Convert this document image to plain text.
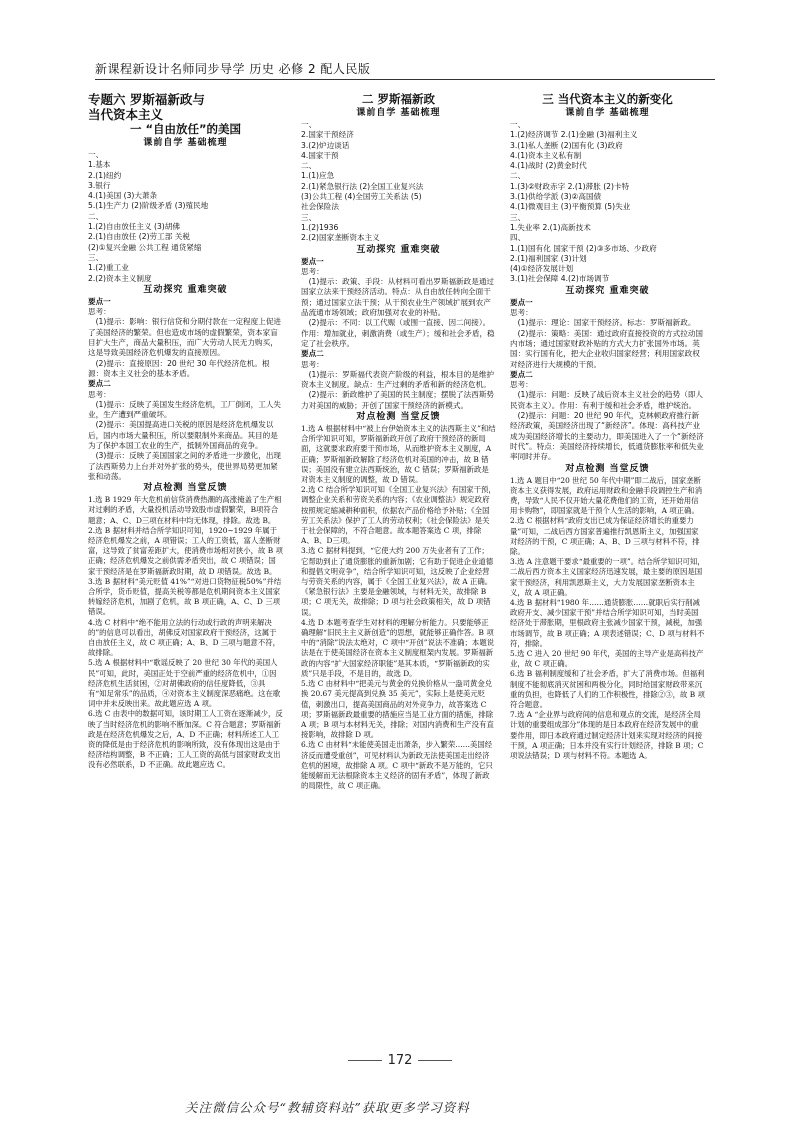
新课程新设计名师同步导学 历史 必修 2 配人民版

专题六 罗斯福新政与

当代资本主义

一 “自由放任”的美国

课前自学 基础梳理

一、

1.基本

2.(1)纽约

3.银行

4.(1)美国 (3)大萧条

5.(1)生产力 (2)阶级矛盾 (3)殖民地

二、

1.(2)自由放任主义 (3)胡佛

2.(1)自由放任 (2)劳工部 关税

(2)①复兴金融 公共工程 通货紧缩

三、

1.(2)重工业

2.(2)资本主义制度

互动探究 重难突破

要点一

思考：

(1)提示：影响：银行信贷和分期付款在一定程度上促进了美国经济的繁荣。但也造成市场的虚假繁荣，资本家盲目扩大生产，商品大量积压，而广大劳动人民无力购买，这是导致美国经济危机爆发的直接原因。

(2)提示：直接原因：20 世纪 30 年代经济危机。根源：资本主义社会的基本矛盾。

要点二

思考：

(1)提示：反映了美国发生经济危机，工厂倒闭，工人失业，生产遭到严重破坏。

(2)提示：美国提高进口关税的原因是经济危机爆发以后，国内市场大量积压，所以要限制外来商品。其目的是为了保护本国工农业的生产，抵制外国商品的竞争。

(3)提示：反映了美国国家之间的矛盾进一步激化，出现了法西斯势力上台并对外扩张的势头，使世界局势更加紧张和动荡。

对点检测 当堂反馈

1.选 B 1929 年大危机前信贷消费热潮的高涨掩盖了生产相对过剩的矛盾，大量投机活动导致股市虚假繁荣，B项符合题意；A、C、D三项在材料中均无体现，排除。故选 B。

2.选 B 据材料并结合所学知识可知，1920~1929 年属于经济危机爆发之前，A 项错误；工人的工资低，富人垄断财富，这导致了贫富差距扩大，使消费市场相对狭小，故 B 项正确；经济危机爆发之前供需矛盾突出，故 C 项错误；国家干预经济是在罗斯福新政时期，故 D 项错误。故选 B。

3.选 B 据材料“美元贬值 41%”“对进口货物征税50%”并结合所学，货币贬值，提高关税等都是危机期间资本主义国家转嫁经济危机，加剧了危机，故 B 项正确，A、C、D 三项错误。

4.选 C 材料中“绝不能用立法的行动或行政的声明来解决的”的信息可以看出，胡佛反对国家政府干预经济，这属于自由放任主义，故 C 项正确；A、B、D 三项与题意不符，故排除。

5.选 A 根据材料中“歌谣反映了 20 世纪 30 年代的美国人民”可知，此时，美国正处于空前严重的经济危机中，①因经济危机生活贫困，②对胡佛政府的信任度降低，③具有“知足常乐”的品质，④对资本主义制度深恶痛绝。这在歌词中并未反映出来。故此题应选 A 项。

6.选 C 由表中的数据可知，该时期工人工资在逐渐减少，反映了当时经济危机的影响不断加深。C 符合题意；罗斯福新政是在经济危机爆发之后，A、D 不正确；材料所述工人工资的降低是由于经济危机的影响所致，没有体现出这是由于经济结构调整，B 不正确；工人工资的高低与国家财政支出没有必然联系，D 不正确。故此题应选 C。

二 罗斯福新政

课前自学 基础梳理

一、

2.国家干预经济

3.(2)炉边谈话

4.国家干预

二、

1.(1)应急

2.(1)紧急银行法 (2)全国工业复兴法

(3)公共工程 (4)全国劳工关系法 (5)

社会保险法

三、

1.(2)1936

2.(2)国家垄断资本主义

互动探究 重难突破

要点一

思考：

(1)提示：政策、手段：从材料可看出罗斯福新政是通过国家立法来干预经济活动。特点：从自由放任转向全面干预；通过国家立法干预；从干预农业生产领域扩展到农产品流通市场领域；政府加强对农业的补贴。

(2)提示：不同：以工代赈（或围一直接、因二间接）。作用：增加就业，刺激消费（或生产）；缓和社会矛盾，稳定了社会秩序。

要点二

思考：

(1)提示：罗斯福代表资产阶级的利益，根本目的是维护资本主义制度。缺点：生产过剩的矛盾和新的经济危机。

(2)提示：新政维护了美国的民主制度；摆脱了法西斯势力对美国的威胁；开创了国家干预经济的新模式。

对点检测 当堂反馈

1.选 A 根据材料中“被上台伊始资本主义的法西斯主义”和结合所学知识可知，罗斯福新政开创了政府干预经济的新局面，这就要求政府要干预市场，从而维护资本主义制度，A 正确；罗斯福新政解除了经济危机对美国的冲击，故 B 错误；美国没有建立法西斯统治，故 C 错误；罗斯福新政是对资本主义制度的调整，故 D 错误。

2.选 C 结合所学知识可知《全国工业复兴法》有国家干预，调整企业关系和劳资关系的内容；《农业调整法》规定政府按照规定缩减耕种面积，依据农产品价格给予补贴；《全国劳工关系法》保护了工人的劳动权利；《社会保险法》是关于社会保障的，不符合题意。故本题答案选 C 项，排除 A、B、D三项。

3.选 C 据材料提到，“它使大约 200 万失业者有了工作；它帮助到止了通货膨胀的重新加剧；它有助于促进企业道德和提倡文明竞争”，结合所学知识可知，这反映了企业经营与劳资关系的内容，属于《全国工业复兴法》，故 A 正确。《紧急银行法》主要是金融领域，与材料无关，故排除 B 项；C 项无关，故排除；D 项与社会政策相关，故 D 项错误。

4.选 D 本题考查学生对材料的理解分析能力。只要能够正确理解“旧民主主义新创造”的思想，就能够正确作答。B 项中的“消除”说法太绝对，C 项中“开创”说法不准确；本题说法是在于使美国经济在资本主义制度框架内发展。罗斯福新政的内容“扩大国家经济职能”是其本质，“罗斯福新政的实质”只是手段，不是目的，故选 D。

5.选 C 由材料中“把美元与黄金的兑换价格从一盎司黄金兑换 20.67 美元提高到兑换 35 美元”，实际上是使美元贬值，刺激出口，提高美国商品的对外竞争力，故答案选 C 项；罗斯福新政最重要的措施应当是工业方面的措施，排除 A 项；B 项与本材料无关，排除；对国内消费和生产没有直接影响，故排除 D 项。

6.选 C 由材料“未能使美国走出萧条，步入繁荣……美国经济反而遭受重创”，可见材料认为新政无法使美国走出经济危机的困境，故排除 A 项。C 项中“新政不是万能的，它只能缓解而无法根除资本主义经济的固有矛盾”，体现了新政的局限性，故 C 项正确。

三 当代资本主义的新变化

课前自学 基础梳理

一、

1.(2)经济调节 2.(1)金融 (3)福利主义

3.(1)私人垄断 (2)国有化 (3)政府

4.(1)资本主义私有制

4.(1)战时 (2)黄金时代

二、

1.(3)②财政赤字 2.(1)滞胀 (2)卡特

3.(1)供给学派 (3)②高国债

4.(1)微观目主 (3)平衡预算 (5)失业

三、

1.失业率 2.(1)高新技术

四、

1.(1)国有化 国家干预 (2)③多市场、少政府

2.(1)福利国家 (3)计划

(4)①经济发展计划

3.(1)社会保障 4.(2)市场调节

互动探究 重难突破

要点一

思考：

(1)提示：理论：国家干预经济。标志：罗斯福新政。

(2)提示：策略：美国：通过政府直接投资的方式拉动国内市场；通过国家财政补贴的方式大力扩张国外市场。英国：实行国有化，把大企业收归国家经营；利用国家政权对经济进行大规模的干预。

要点二

思考：

(1)提示：问题：反映了战后资本主义社会的趋势（即人民资本主义）。作用：有利于缓和社会矛盾，维护统治。

(2)提示：问题：20 世纪 90 年代，克林顿政府推行新经济政策，美国经济出现了“新经济”。体现：高科技产业成为美国经济增长的主要动力，即美国进入了一个“新经济时代”。特点：美国经济持续增长，低通货膨胀率和低失业率同时并存。

对点检测 当堂反馈

1.选 A 题目中“20 世纪 50 年代中期”即二战后，国家垄断资本主义获得发展，政府运用财政和金融手段调控生产和消费，导致“人民不仅开始大量花费他们的工资，还开始用信用卡购物”，即国家就是干预个人生活的影响，A 项正确。

2.选 C 根据材料“政府支出已成为保证经济增长的重要力量”可知，二战后西方国家普遍推行凯恩斯主义，加强国家对经济的干预，C 项正确；A、B、D 三项与材料不符，排除。

3.选 A 注意题干要求“最重要的一项”。结合所学知识可知，二战后西方资本主义国家经济迅速发展，最主要的原因是国家干预经济，利用凯恩斯主义，大力发展国家垄断资本主义，故 A 项正确。

4.选 B 据材料“1980 年……通货膨胀……就职后实行削减政府开支、减少国家干预”并结合所学知识可知，当时美国经济处于滞胀期，里根政府主张减少国家干预，减税，加强市场调节，故 B 项正确；A 项表述错误；C、D 项与材料不符，排除。

5.选 C 进入 20 世纪 90 年代，美国的主导产业是高科技产业，故 C 项正确。

6.选 B 福利制度缓和了社会矛盾，扩大了消费市场。但福利制度不能彻底消灭贫困和两极分化，同时给国家财政带来沉重的负担，也降低了人们的工作积极性，排除②③，故 B 项符合题意。

7.选 A “企业界与政府间的信息和观点的交流，是经济全局计划的重要组成部分”体现的是日本政府在经济发展中的重要作用，即日本政府通过制定经济计划来实现对经济的间接干预，A 项正确；日本并没有实行计划经济，排除 B 项；C 项说法错误；D 项与材料不符。本题选 A。

172
关注微信公众号“教辅资料站”获取更多学习资料
